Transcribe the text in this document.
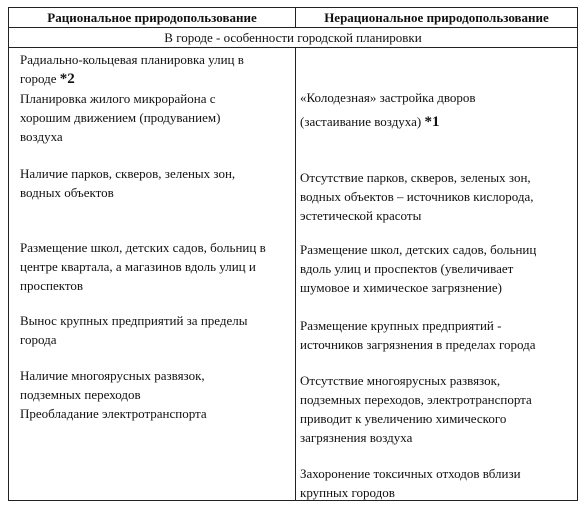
Рациональное природопользование	Нерациональное природопользование
В городе - особенности городской планировки
Радиально-кольцевая планировка улиц в
городе *2
Планировка жилого микрорайона с
хорошим движением (продуванием)
воздуха
Наличие парков, скверов, зеленых зон,
водных объектов
Размещение школ, детских садов, больниц в
центре квартала, а магазинов вдоль улиц и
проспектов
Вынос крупных предприятий за пределы
города
Наличие многоярусных развязок,
подземных переходов
Преобладание электротранспорта
«Колодезная» застройка дворов
(застаивание воздуха) *1
Отсутствие парков, скверов, зеленых зон,
водных объектов – источников кислорода,
эстетической красоты
Размещение школ, детских садов, больниц
вдоль улиц и проспектов (увеличивает
шумовое и химическое загрязнение)
Размещение крупных предприятий -
источников загрязнения в пределах города
Отсутствие многоярусных развязок,
подземных переходов, электротранспорта
приводит к увеличению химического
загрязнения воздуха
Захоронение токсичных отходов вблизи
крупных городов
